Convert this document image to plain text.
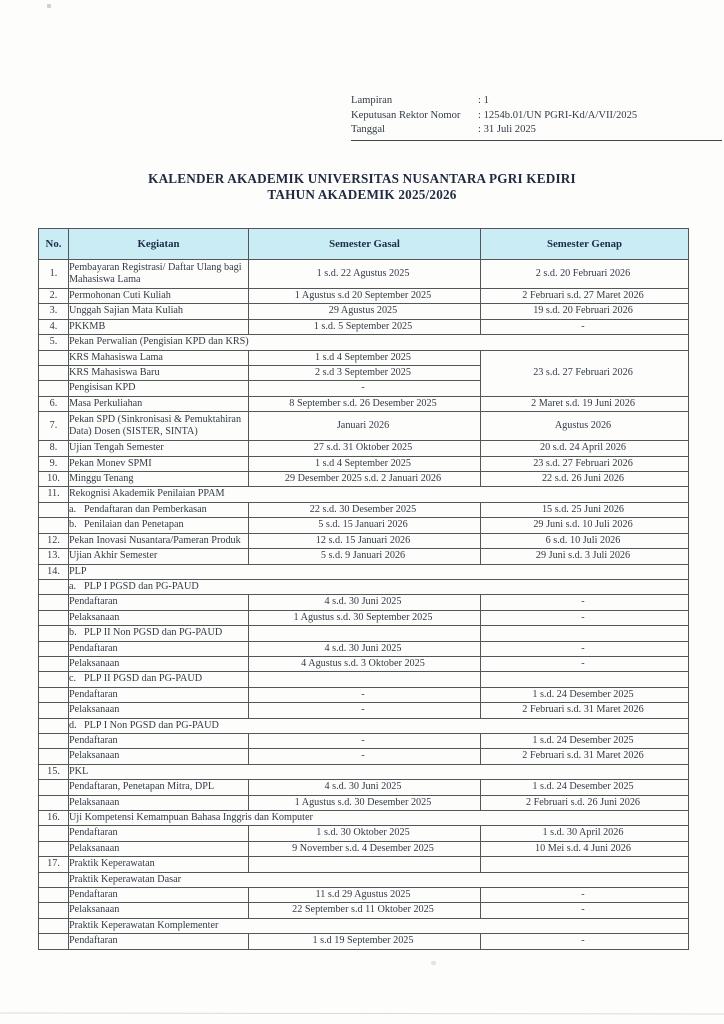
Lampiran	: 1
Keputusan Rektor Nomor : 1254b.01/UN PGRI-Kd/A/VII/2025
Tanggal	: 31 Juli 2025
KALENDER AKADEMIK UNIVERSITAS NUSANTARA PGRI KEDIRI
TAHUN AKADEMIK 2025/2026
No.	Kegiatan	Semester Gasal	Semester Genap
1.	Pembayaran Registrasi/ Daftar Ulang bagi Mahasiswa Lama	1 s.d. 22 Agustus 2025	2 s.d. 20 Februari 2026
2.	Permohonan Cuti Kuliah	1 Agustus s.d 20 September 2025	2 Februari s.d. 27 Maret 2026
3.	Unggah Sajian Mata Kuliah	29 Agustus 2025	19 s.d. 20 Februari 2026
4.	PKKMB	1 s.d. 5 September 2025	-
5.	Pekan Perwalian (Pengisian KPD dan KRS)		
	KRS Mahasiswa Lama	1 s.d 4 September 2025	23 s.d. 27 Februari 2026
	KRS Mahasiswa Baru	2 s.d 3 September 2025	
	Pengisisan KPD	-	
6.	Masa Perkuliahan	8 September s.d. 26 Desember 2025	2 Maret s.d. 19 Juni 2026
7.	Pekan SPD (Sinkronisasi & Pemuktahiran Data) Dosen (SISTER, SINTA)	Januari 2026	Agustus 2026
8.	Ujian Tengah Semester	27 s.d. 31 Oktober 2025	20 s.d. 24 April 2026
9.	Pekan Monev SPMI	1 s.d 4 September 2025	23 s.d. 27 Februari 2026
10.	Minggu Tenang	29 Desember 2025 s.d. 2 Januari 2026	22 s.d. 26 Juni 2026
11.	Rekognisi Akademik Penilaian PPAM		
	a. Pendaftaran dan Pemberkasan	22 s.d. 30 Desember 2025	15 s.d. 25 Juni 2026
	b. Penilaian dan Penetapan	5 s.d. 15 Januari 2026	29 Juni s.d. 10 Juli 2026
12.	Pekan Inovasi Nusantara/Pameran Produk	12 s.d. 15 Januari 2026	6 s.d. 10 Juli 2026
13.	Ujian Akhir Semester	5 s.d. 9 Januari 2026	29 Juni s.d. 3 Juli 2026
14.	PLP		
	a. PLP I PGSD dan PG-PAUD		
	Pendaftaran	4 s.d. 30 Juni 2025	-
	Pelaksanaan	1 Agustus s.d. 30 September 2025	-
	b. PLP II Non PGSD dan PG-PAUD		
	Pendaftaran	4 s.d. 30 Juni 2025	-
	Pelaksanaan	4 Agustus s.d. 3 Oktober 2025	-
	c. PLP II PGSD dan PG-PAUD		
	Pendaftaran	-	1 s.d. 24 Desember 2025
	Pelaksanaan	-	2 Februari s.d. 31 Maret 2026
	d. PLP I Non PGSD dan PG-PAUD		
	Pendaftaran	-	1 s.d. 24 Desember 2025
	Pelaksanaan	-	2 Februari s.d. 31 Maret 2026
15.	PKL		
	Pendaftaran, Penetapan Mitra, DPL	4 s.d. 30 Juni 2025	1 s.d. 24 Desember 2025
	Pelaksanaan	1 Agustus s.d. 30 Desember 2025	2 Februari s.d. 26 Juni 2026
16.	Uji Kompetensi Kemampuan Bahasa Inggris dan Komputer		
	Pendaftaran	1 s.d. 30 Oktober 2025	1 s.d. 30 April 2026
	Pelaksanaan	9 November s.d. 4 Desember 2025	10 Mei s.d. 4 Juni 2026
17.	Praktik Keperawatan		
	Praktik Keperawatan Dasar		
	Pendaftaran	11 s.d 29 Agustus 2025	-
	Pelaksanaan	22 September s.d 11 Oktober 2025	-
	Praktik Keperawatan Komplementer		
	Pendaftaran	1 s.d 19 September 2025	-
